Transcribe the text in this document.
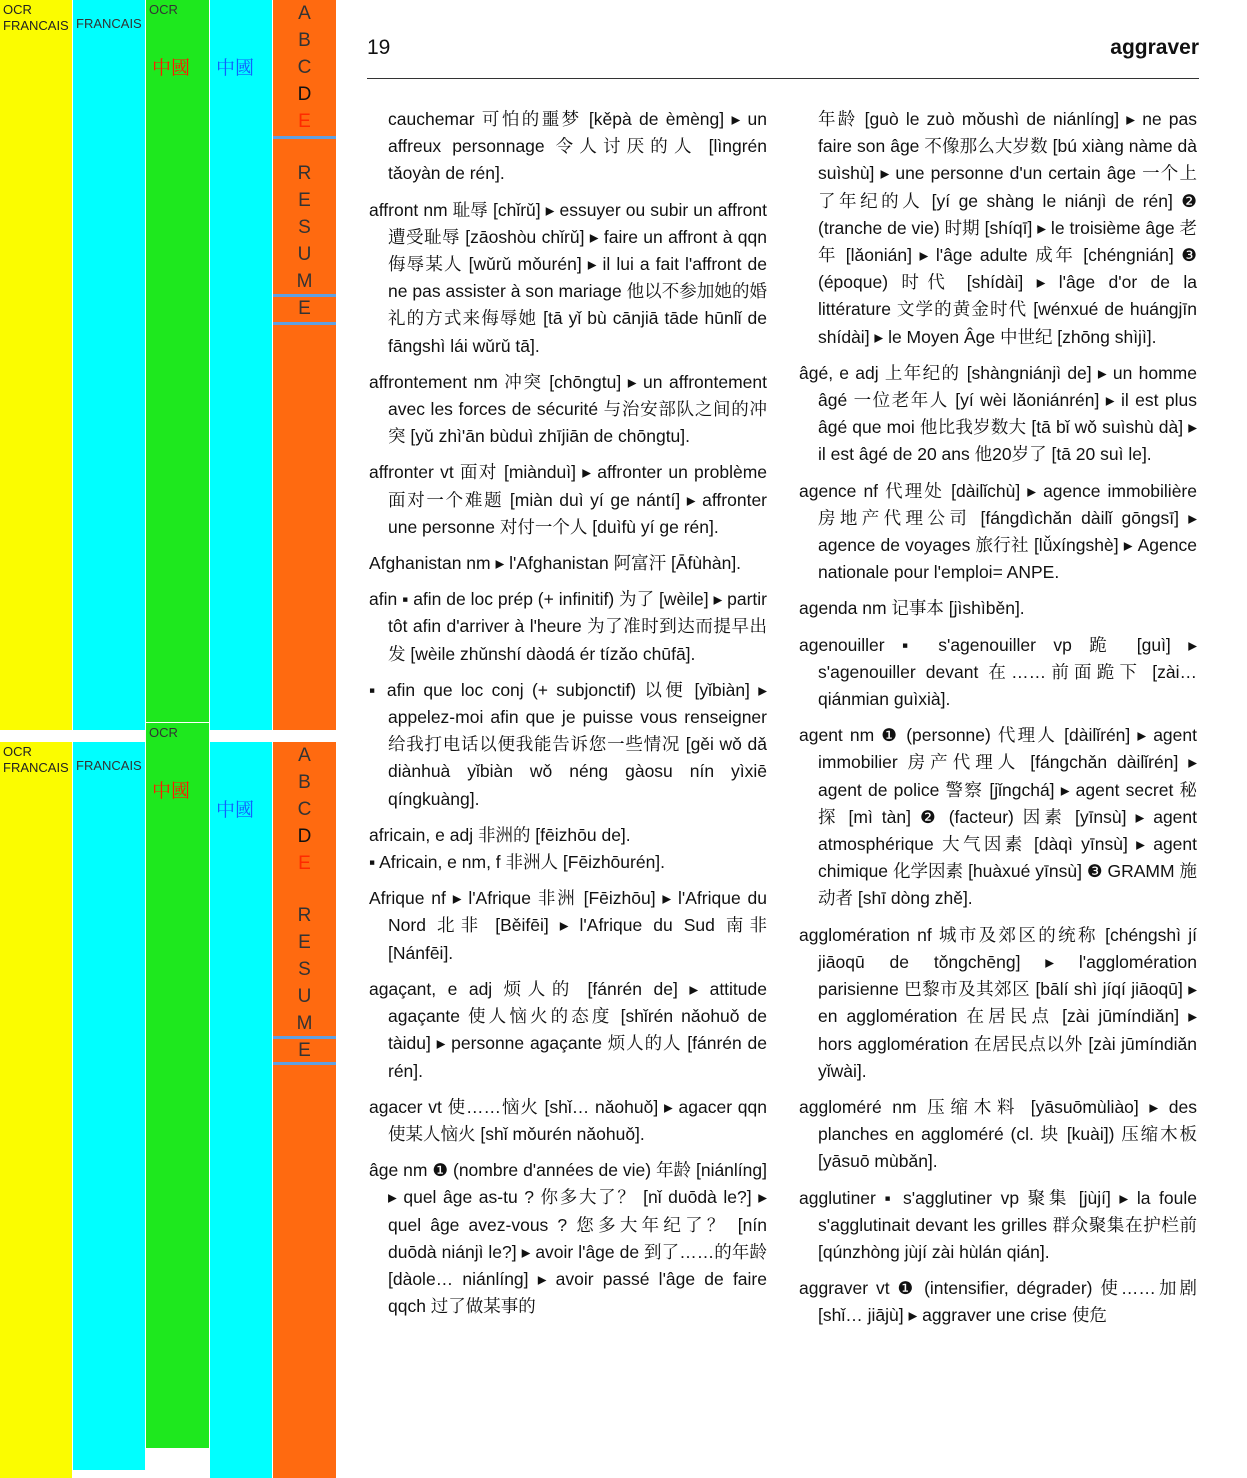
OCR FRANCAIS FRANCAIS
OCR
中國 中國
A
B
C
D
E
R
E
S
U
M
E
OCR FRANCAIS FRANCAIS
OCR
中國
中國
A
B
C
D
E
R
E
S
U
M
E
19	aggraver

cauchemar 可怕的噩梦 [kěpà de èmèng] ▸ un affreux personnage 令人讨厌的人 [lìngrén tǎoyàn de rén].

affront nm 耻辱 [chǐrǔ] ▸ essuyer ou subir un affront 遭受耻辱 [zāoshòu chǐrǔ] ▸ faire un affront à qqn 侮辱某人 [wǔrǔ mǒurén] ▸ il lui a fait l'affront de ne pas assister à son mariage 他以不参加她的婚礼的方式来侮辱她 [tā yǐ bù cānjiā tāde hūnlǐ de fāngshì lái wǔrǔ tā].

affrontement nm 冲突 [chōngtu] ▸ un affrontement avec les forces de sécurité 与治安部队之间的冲突 [yǔ zhì'ān bùduì zhījiān de chōngtu].

affronter vt 面对 [miànduì] ▸ affronter un problème 面对一个难题 [miàn duì yí ge nántí] ▸ affronter une personne 对付一个人 [duìfù yí ge rén].

Afghanistan nm ▸ l'Afghanistan 阿富汗 [Āfùhàn].

afin ▪ afin de loc prép (+ infinitif) 为了 [wèile] ▸ partir tôt afin d'arriver à l'heure 为了准时到达而提早出发 [wèile zhǔnshí dàodá ér tízǎo chūfā].

▪ afin que loc conj (+ subjonctif) 以便 [yǐbiàn] ▸ appelez-moi afin que je puisse vous renseigner 给我打电话以便我能告诉您一些情况 [gěi wǒ dǎ diànhuà yǐbiàn wǒ néng gàosu nín yìxiē qíngkuàng].

africain, e adj 非洲的 [fēizhōu de].

▪ Africain, e nm, f 非洲人 [Fēizhōurén].

Afrique nf ▸ l'Afrique 非洲 [Fēizhōu] ▸ l'Afrique du Nord 北非 [Běifēi] ▸ l'Afrique du Sud 南非 [Nánfēi].

agaçant, e adj 烦人的 [fánrén de] ▸ attitude agaçante 使人恼火的态度 [shǐrén nǎohuǒ de tàidu] ▸ personne agaçante 烦人的人 [fánrén de rén].

agacer vt 使……恼火 [shǐ… nǎohuǒ] ▸ agacer qqn 使某人恼火 [shǐ mǒurén nǎohuǒ].

âge nm ❶ (nombre d'années de vie) 年龄 [niánlíng] ▸ quel âge as-tu ? 你多大了？ [nǐ duōdà le?] ▸ quel âge avez-vous ? 您多大年纪了？ [nín duōdà niánjì le?] ▸ avoir l'âge de 到了……的年龄 [dàole… niánlíng] ▸ avoir passé l'âge de faire qqch 过了做某事的

年龄 [guò le zuò mǒushì de niánlíng] ▸ ne pas faire son âge 不像那么大岁数 [bú xiàng nàme dà suìshù] ▸ une personne d'un certain âge 一个上了年纪的人 [yí ge shàng le niánjì de rén] ❷ (tranche de vie) 时期 [shíqī] ▸ le troisième âge 老年 [lǎonián] ▸ l'âge adulte 成年 [chéngnián] ❸ (époque) 时代 [shídài] ▸ l'âge d'or de la littérature 文学的黄金时代 [wénxué de huángjīn shídài] ▸ le Moyen Âge 中世纪 [zhōng shìjì].

âgé, e adj 上年纪的 [shàngniánjì de] ▸ un homme âgé 一位老年人 [yí wèi lǎoniánrén] ▸ il est plus âgé que moi 他比我岁数大 [tā bǐ wǒ suìshù dà] ▸ il est âgé de 20 ans 他20岁了 [tā 20 suì le].

agence nf 代理处 [dàilǐchù] ▸ agence immobilière 房地产代理公司 [fángdìchǎn dàilǐ gōngsī] ▸ agence de voyages 旅行社 [lǚxíngshè] ▸ Agence nationale pour l'emploi= ANPE.

agenda nm 记事本 [jìshìběn].

agenouiller ▪ s'agenouiller vp 跪 [guì] ▸ s'agenouiller devant 在……前面跪下 [zài… qiánmian guìxià].

agent nm ❶ (personne) 代理人 [dàilǐrén] ▸ agent immobilier 房产代理人 [fángchǎn dàilǐrén] ▸ agent de police 警察 [jǐngchá] ▸ agent secret 秘探 [mì tàn] ❷ (facteur) 因素 [yīnsù] ▸ agent atmosphérique 大气因素 [dàqì yīnsù] ▸ agent chimique 化学因素 [huàxué yīnsù] ❸ GRAMM 施动者 [shī dòng zhě].

agglomération nf 城市及郊区的统称 [chéngshì jí jiāoqū de tǒngchēng] ▸ l'agglomération parisienne 巴黎市及其郊区 [bālí shì jíqí jiāoqū] ▸ en agglomération 在居民点 [zài jūmíndiǎn] ▸ hors agglomération 在居民点以外 [zài jūmíndiǎn yǐwài].

aggloméré nm 压缩木料 [yāsuōmùliào] ▸ des planches en aggloméré (cl. 块 [kuài]) 压缩木板 [yāsuō mùbǎn].

agglutiner ▪ s'agglutiner vp 聚集 [jùjí] ▸ la foule s'agglutinait devant les grilles 群众聚集在护栏前 [qúnzhòng jùjí zài hùlán qián].

aggraver vt ❶ (intensifier, dégrader) 使……加剧 [shǐ… jiājù] ▸ aggraver une crise 使危
